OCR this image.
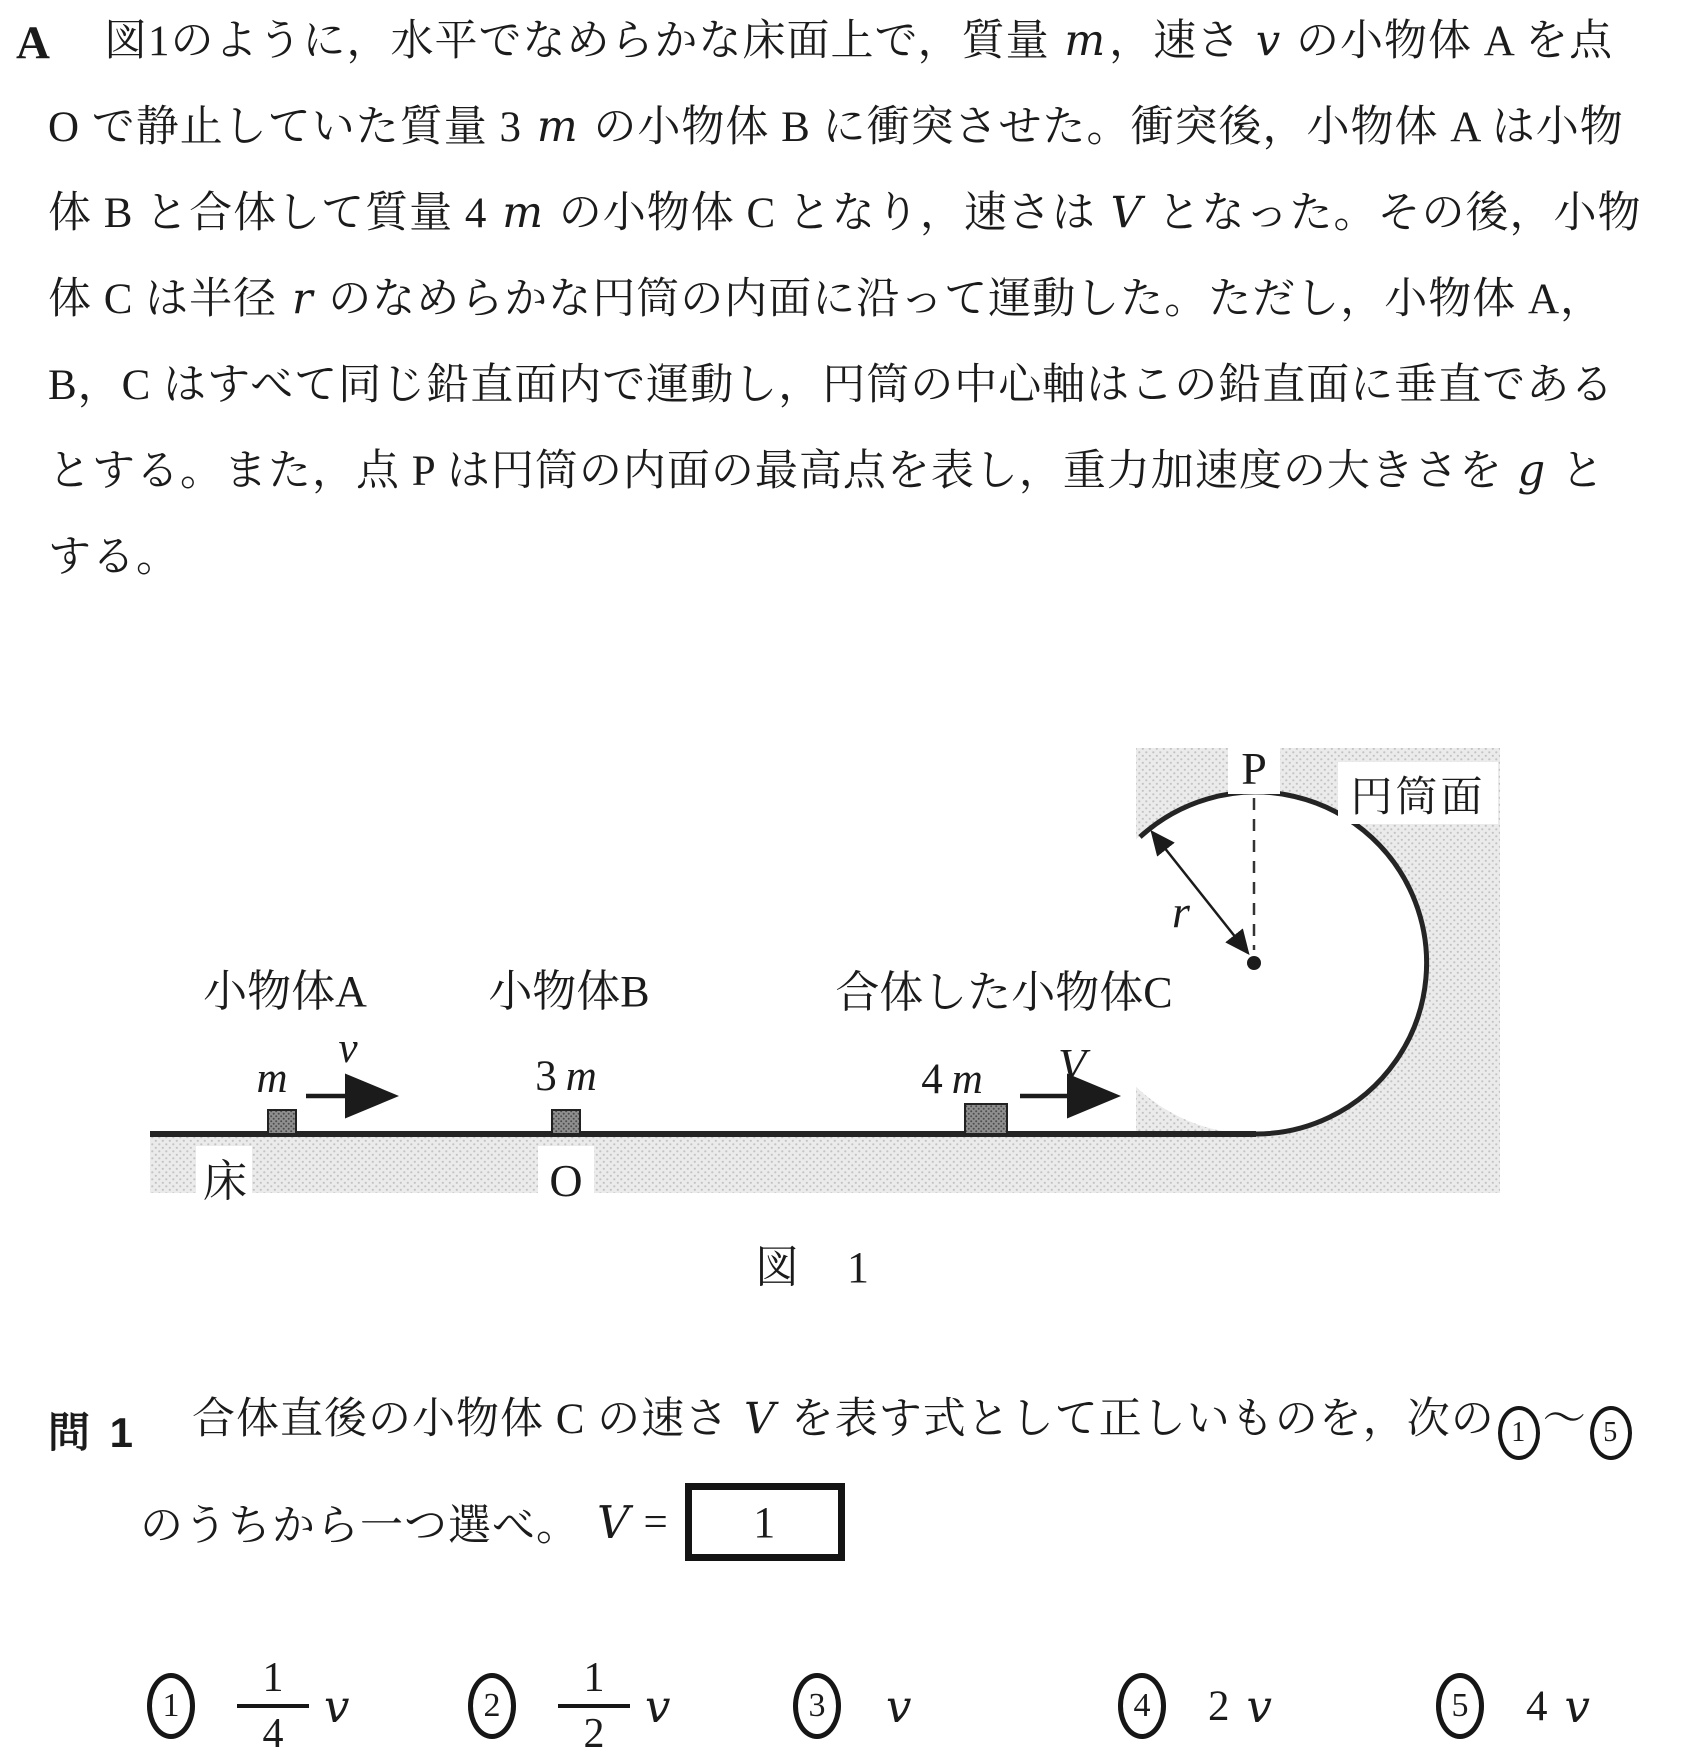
A 図1のように，水平でなめらかな床面上で，質量 m，速さ v の小物体 A を点
O で静止していた質量 3 m の小物体 B に衝突させた。衝突後，小物体 A は小物
体 B と合体して質量 4 m の小物体 C となり，速さは V となった。その後，小物
体 C は半径 r のなめらかな円筒の内面に沿って運動した。ただし，小物体 A，
B，C はすべて同じ鉛直面内で運動し，円筒の中心軸はこの鉛直面に垂直である
とする。また，点 P は円筒の内面の最高点を表し，重力加速度の大きさを g と
する。
r
P
円筒面
小物体A	小物体B	合体した小物体C
m
v
3 m	4 m V
床	O
図 1
問 1 合体直後の小物体 C の速さ V を表す式として正しいものを，次の 1 ～ 5
のうちから一つ選べ。 V = 1
1	$\frac{1}{4}$ v	2	$\frac{1}{2}$ v	3	v	4	2 v	5	4 v
